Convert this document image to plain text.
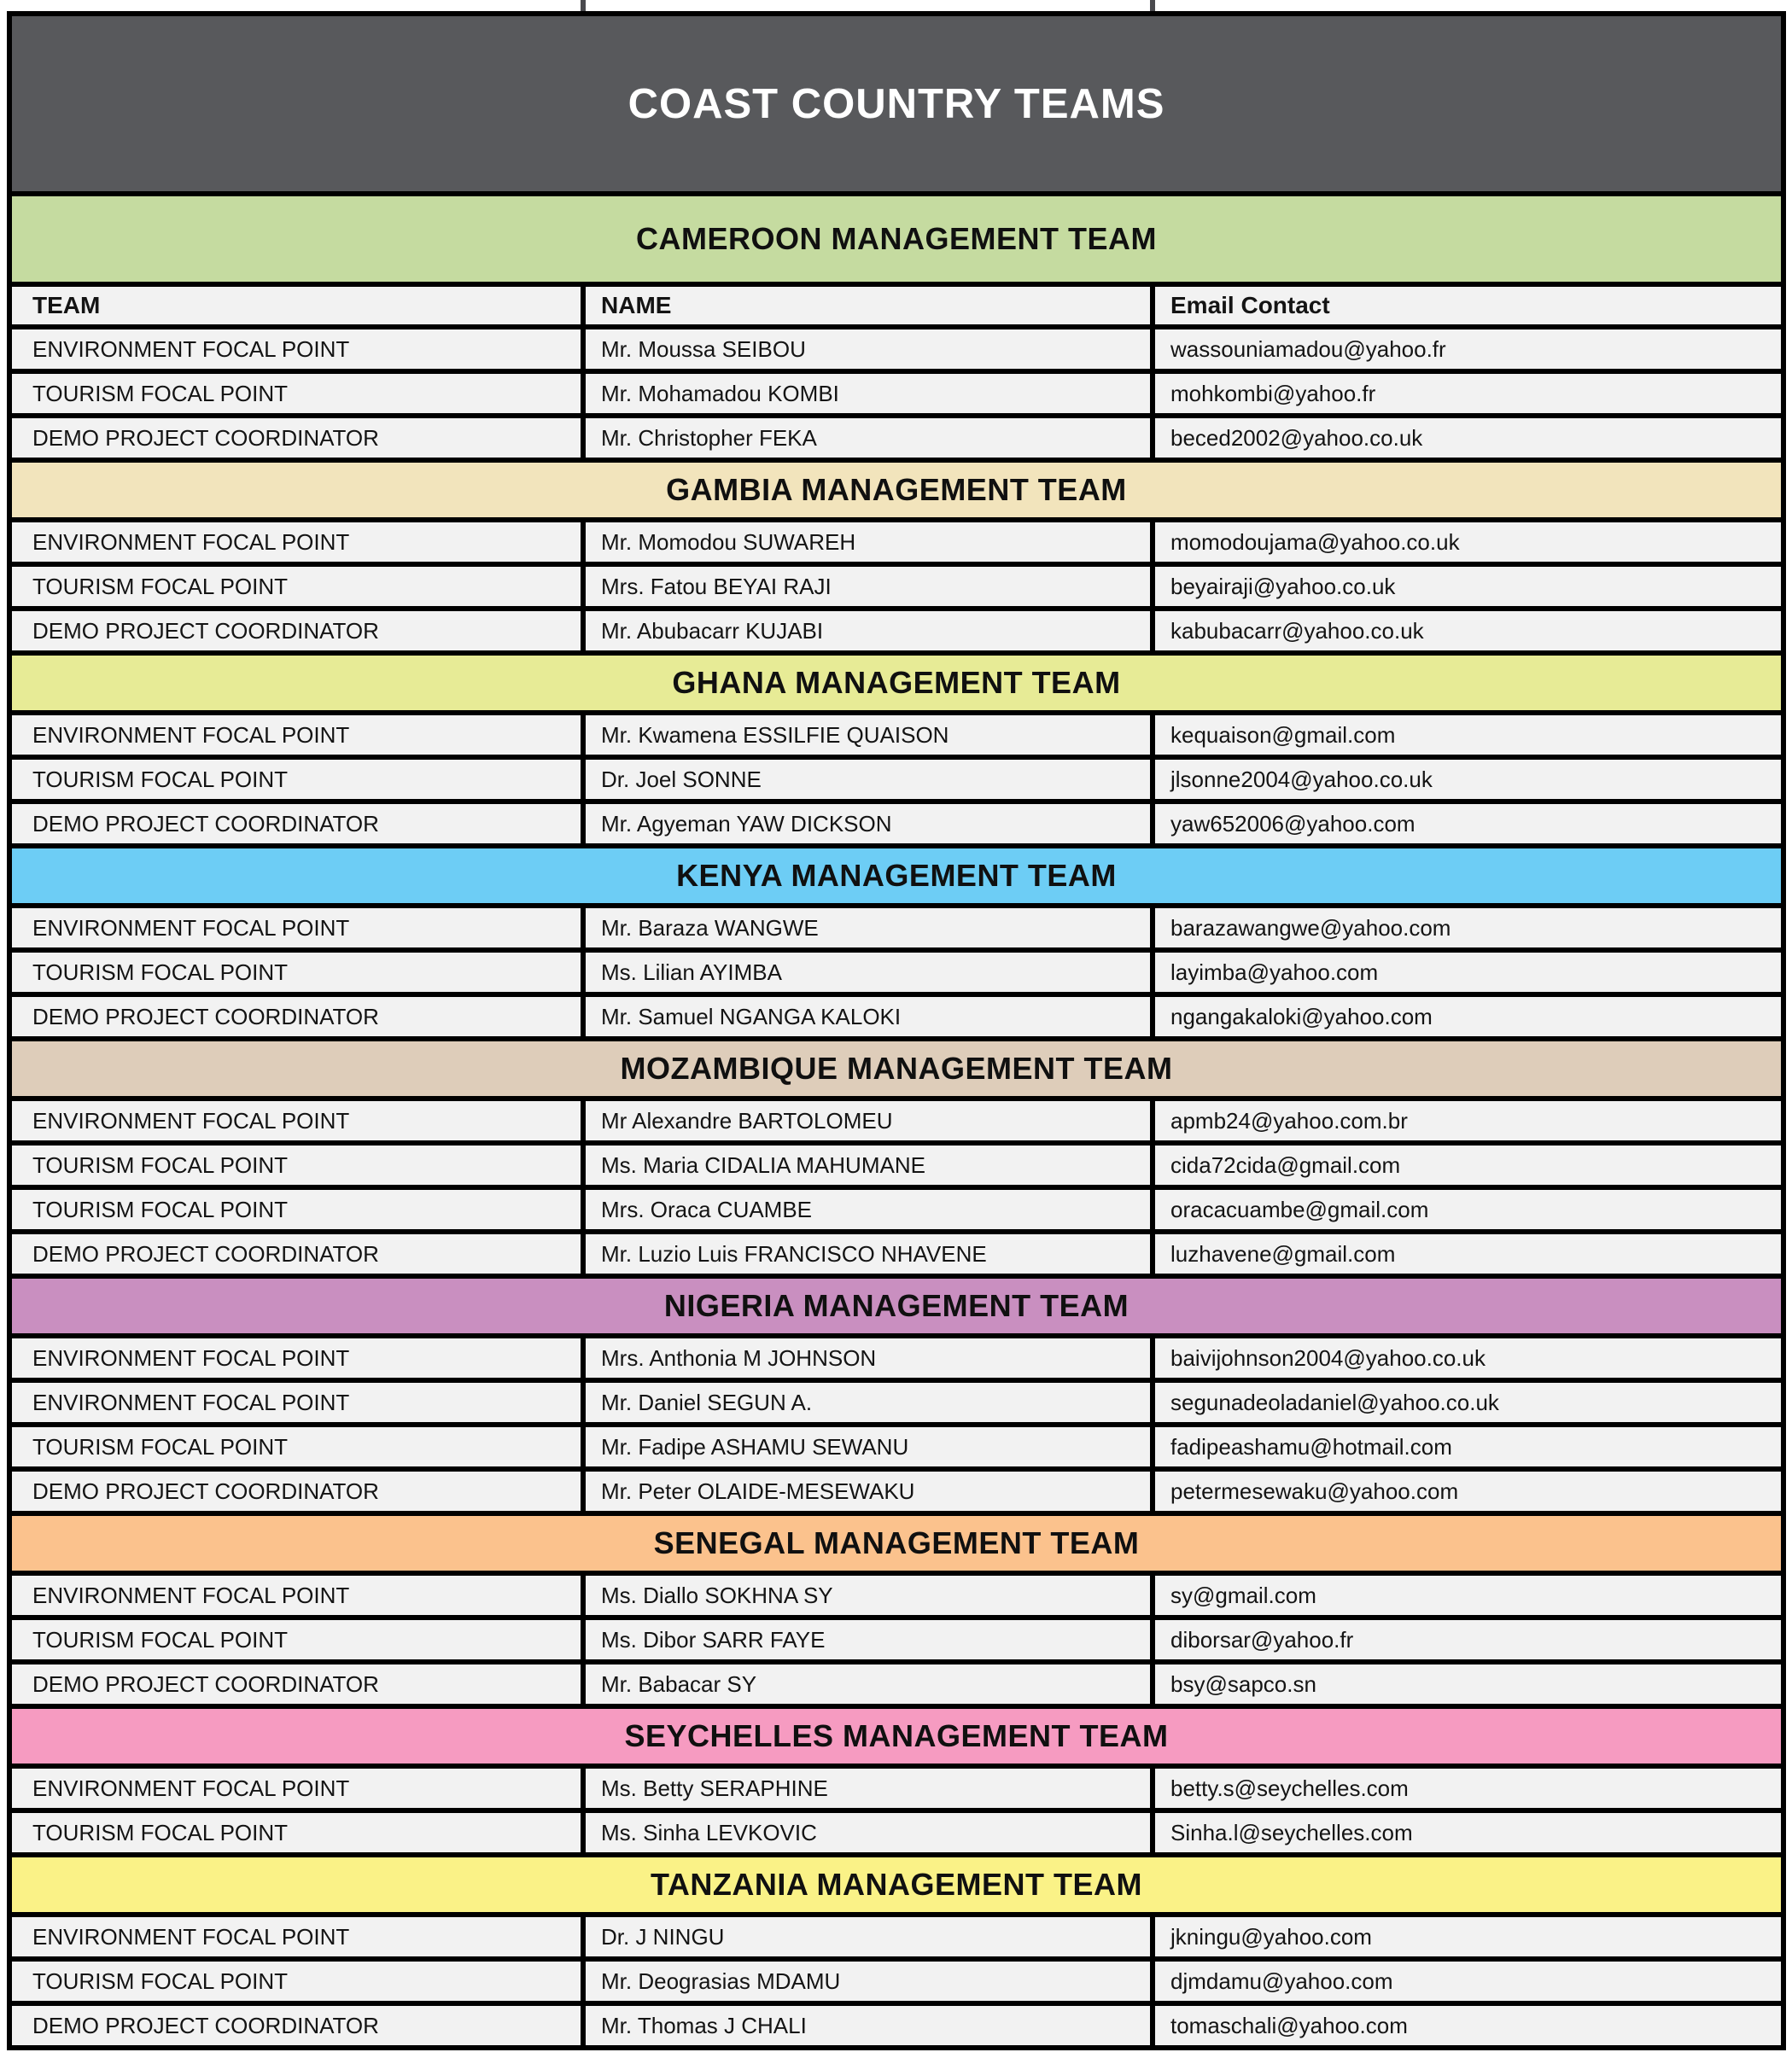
COAST COUNTRY TEAMS
CAMEROON MANAGEMENT TEAM
TEAM	NAME	Email Contact
ENVIRONMENT FOCAL POINT	Mr. Moussa SEIBOU	wassouniamadou@yahoo.fr
TOURISM FOCAL POINT	Mr. Mohamadou KOMBI	mohkombi@yahoo.fr
DEMO PROJECT COORDINATOR	Mr. Christopher FEKA	beced2002@yahoo.co.uk
GAMBIA MANAGEMENT TEAM
ENVIRONMENT FOCAL POINT	Mr. Momodou SUWAREH	momodoujama@yahoo.co.uk
TOURISM FOCAL POINT	Mrs. Fatou BEYAI RAJI	beyairaji@yahoo.co.uk
DEMO PROJECT COORDINATOR	Mr. Abubacarr KUJABI	kabubacarr@yahoo.co.uk
GHANA MANAGEMENT TEAM
ENVIRONMENT FOCAL POINT	Mr. Kwamena ESSILFIE QUAISON	kequaison@gmail.com
TOURISM FOCAL POINT	Dr. Joel SONNE	jlsonne2004@yahoo.co.uk
DEMO PROJECT COORDINATOR	Mr. Agyeman YAW DICKSON	yaw652006@yahoo.com
KENYA MANAGEMENT TEAM
ENVIRONMENT FOCAL POINT	Mr. Baraza WANGWE	barazawangwe@yahoo.com
TOURISM FOCAL POINT	Ms. Lilian AYIMBA	layimba@yahoo.com
DEMO PROJECT COORDINATOR	Mr. Samuel NGANGA KALOKI	ngangakaloki@yahoo.com
MOZAMBIQUE MANAGEMENT TEAM
ENVIRONMENT FOCAL POINT	Mr Alexandre BARTOLOMEU	apmb24@yahoo.com.br
TOURISM FOCAL POINT	Ms. Maria CIDALIA MAHUMANE	cida72cida@gmail.com
TOURISM FOCAL POINT	Mrs. Oraca CUAMBE	oracacuambe@gmail.com
DEMO PROJECT COORDINATOR	Mr. Luzio Luis FRANCISCO NHAVENE	luzhavene@gmail.com
NIGERIA MANAGEMENT TEAM
ENVIRONMENT FOCAL POINT	Mrs. Anthonia M JOHNSON	baivijohnson2004@yahoo.co.uk
ENVIRONMENT FOCAL POINT	Mr. Daniel SEGUN A.	segunadeoladaniel@yahoo.co.uk
TOURISM FOCAL POINT	Mr. Fadipe ASHAMU SEWANU	fadipeashamu@hotmail.com
DEMO PROJECT COORDINATOR	Mr. Peter OLAIDE-MESEWAKU	petermesewaku@yahoo.com
SENEGAL MANAGEMENT TEAM
ENVIRONMENT FOCAL POINT	Ms. Diallo SOKHNA SY	sy@gmail.com
TOURISM FOCAL POINT	Ms. Dibor SARR FAYE	diborsar@yahoo.fr
DEMO PROJECT COORDINATOR	Mr. Babacar SY	bsy@sapco.sn
SEYCHELLES MANAGEMENT TEAM
ENVIRONMENT FOCAL POINT	Ms. Betty SERAPHINE	betty.s@seychelles.com
TOURISM FOCAL POINT	Ms. Sinha LEVKOVIC	Sinha.l@seychelles.com
TANZANIA MANAGEMENT TEAM
ENVIRONMENT FOCAL POINT	Dr. J NINGU	jkningu@yahoo.com
TOURISM FOCAL POINT	Mr. Deograsias MDAMU	djmdamu@yahoo.com
DEMO PROJECT COORDINATOR	Mr. Thomas J CHALI	tomaschali@yahoo.com
